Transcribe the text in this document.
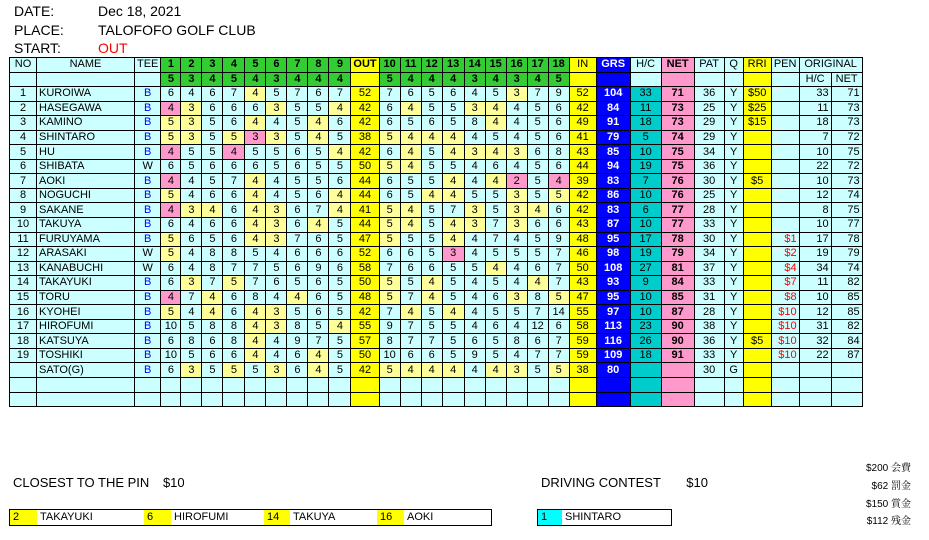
DATE:	Dec 18, 2021
PLACE: TALOFOFO GOLF CLUB
START:	OUT
NO	NAME	TEE	1	2	3	4	5	6	7	8	9	OUT	10	11	12	13	14	15	16	17	18	IN	GRS	H/C	NET	PAT	Q	RRI	PEN	ORIGINAL	
			5	3	4	5	4	3	4	4	4		5	4	4	4	3	4	3	4	5									H/C	NET
1	KUROIWA	B	6	4	6	7	4	5	7	6	7	52	7	6	5	6	4	5	3	7	9	52	104	33	71	36	Y	$50		33	71
2	HASEGAWA	B	4	3	6	6	6	3	5	5	4	42	6	4	5	5	3	4	4	5	6	42	84	11	73	25	Y	$25		11	73
3	KAMINO	B	5	3	5	6	4	4	5	4	6	42	6	5	6	5	8	4	4	5	6	49	91	18	73	29	Y	$15		18	73
4	SHINTARO	B	5	3	5	5	3	3	5	4	5	38	5	4	4	4	4	5	4	5	6	41	79	5	74	29	Y			7	72
5	HU	B	4	5	5	4	5	5	6	5	4	42	6	4	5	4	3	4	3	6	8	43	85	10	75	34	Y			10	75
6	SHIBATA	W	6	5	6	6	6	5	6	5	5	50	5	4	5	5	4	6	4	5	6	44	94	19	75	36	Y			22	72
7	AOKI	B	4	4	5	7	4	4	5	5	6	44	6	5	5	4	4	4	2	5	4	39	83	7	76	30	Y	$5		10	73
8	NOGUCHI	B	5	4	6	6	4	4	5	6	4	44	6	5	4	4	5	5	3	5	5	42	86	10	76	25	Y			12	74
9	SAKANE	B	4	3	4	6	4	3	6	7	4	41	5	4	5	7	3	5	3	4	6	42	83	6	77	28	Y			8	75
10	TAKUYA	B	6	4	6	6	4	3	6	4	5	44	5	4	5	4	3	7	3	6	6	43	87	10	77	33	Y			10	77
11	FURUYAMA	B	5	6	5	6	4	3	7	6	5	47	5	5	5	4	4	7	4	5	9	48	95	17	78	30	Y		$1	17	78
12	ARASAKI	W	5	4	8	8	5	4	6	6	6	52	6	6	5	3	4	5	5	5	7	46	98	19	79	34	Y		$2	19	79
13	KANABUCHI	W	6	4	8	7	7	5	6	9	6	58	7	6	6	5	5	4	4	6	7	50	108	27	81	37	Y		$4	34	74
14	TAKAYUKI	B	6	3	7	5	7	6	5	6	5	50	5	5	4	5	4	5	4	4	7	43	93	9	84	33	Y		$7	11	82
15	TORU	B	4	7	4	6	8	4	4	6	5	48	5	7	4	5	4	6	3	8	5	47	95	10	85	31	Y		$8	10	85
16	KYOHEI	B	5	4	4	6	4	3	5	6	5	42	7	4	5	4	4	5	5	7	14	55	97	10	87	28	Y		$10	12	85
17	HIROFUMI	B	10	5	8	8	4	3	8	5	4	55	9	7	5	5	4	6	4	12	6	58	113	23	90	38	Y		$10	31	82
18	KATSUYA	B	6	8	6	8	4	4	9	7	5	57	8	7	7	5	6	5	8	6	7	59	116	26	90	36	Y	$5	$10	32	84
19	TOSHIKI	B	10	5	6	6	4	4	6	4	5	50	10	6	6	5	9	5	4	7	7	59	109	18	91	33	Y		$10	22	87
	SATO(G)	B	6	3	5	5	5	3	6	4	5	42	5	4	4	4	4	4	3	5	5	38	80			30	G				

CLOSEST TO THE PIN $10	DRIVING CONTEST $10
2	TAKAYUKI	6	HIROFUMI	14	TAKUYA	16	AOKI	1	SHINTARO
$200 会費
$62 罰金
$150 賞金
$112 残金
